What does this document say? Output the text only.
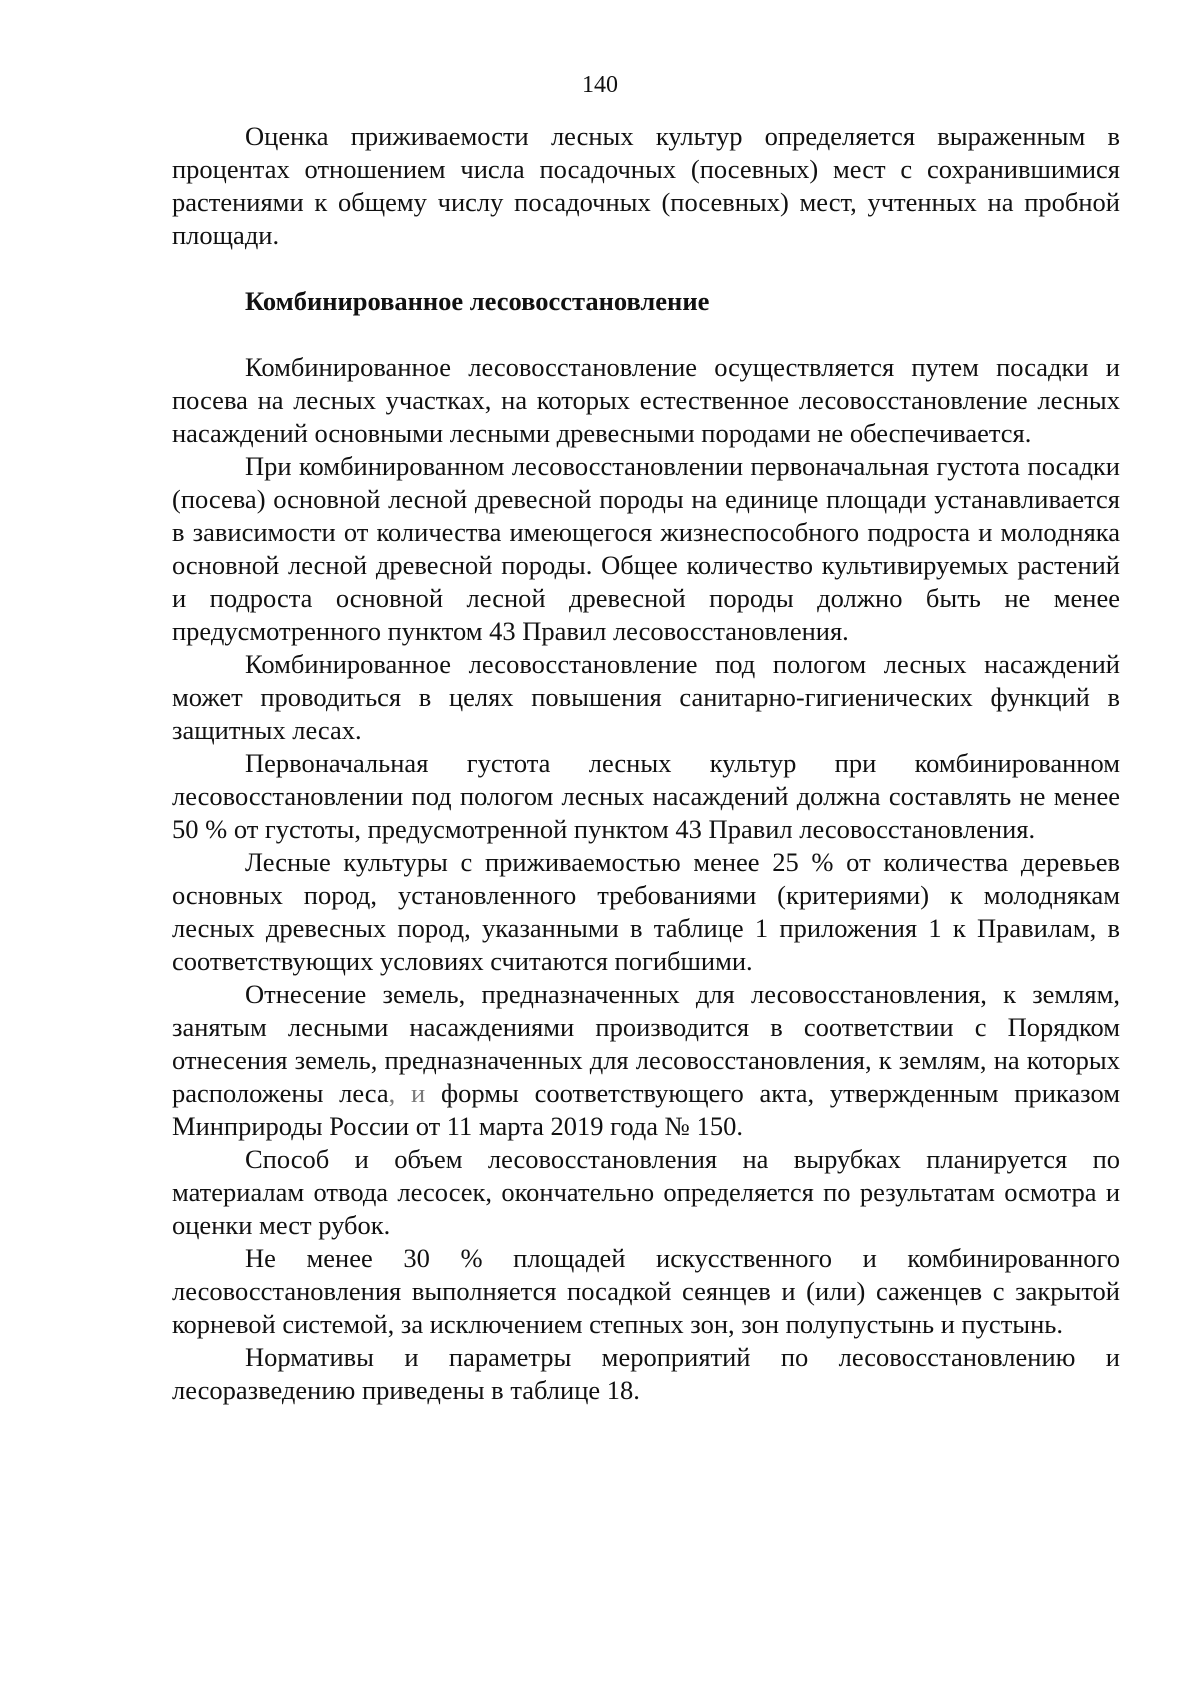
140

Оценка приживаемости лесных культур определяется выраженным в процентах отношением числа посадочных (посевных) мест с сохранившимися растениями к общему числу посадочных (посевных) мест, учтенных на пробной площади.

Комбинированное лесовосстановление

Комбинированное лесовосстановление осуществляется путем посадки и посева на лесных участках, на которых естественное лесовосстановление лесных насаждений основными лесными древесными породами не обеспечивается.

При комбинированном лесовосстановлении первоначальная густота посадки (посева) основной лесной древесной породы на единице площади устанавливается в зависимости от количества имеющегося жизнеспособного подроста и молодняка основной лесной древесной породы. Общее количество культивируемых растений и подроста основной лесной древесной породы должно быть не менее предусмотренного пунктом 43 Правил лесовосстановления.

Комбинированное лесовосстановление под пологом лесных насаждений может проводиться в целях повышения санитарно-гигиенических функций в защитных лесах.

Первоначальная густота лесных культур при комбинированном лесовосстановлении под пологом лесных насаждений должна составлять не менее 50 % от густоты, предусмотренной пунктом 43 Правил лесовосстановления.

Лесные культуры с приживаемостью менее 25 % от количества деревьев основных пород, установленного требованиями (критериями) к молоднякам лесных древесных пород, указанными в таблице 1 приложения 1 к Правилам, в соответствующих условиях считаются погибшими.

Отнесение земель, предназначенных для лесовосстановления, к землям, занятым лесными насаждениями производится в соответствии с Порядком отнесения земель, предназначенных для лесовосстановления, к землям, на которых расположены леса, и формы соответствующего акта, утвержденным приказом Минприроды России от 11 марта 2019 года № 150.

Способ и объем лесовосстановления на вырубках планируется по материалам отвода лесосек, окончательно определяется по результатам осмотра и оценки мест рубок.

Не менее 30 % площадей искусственного и комбинированного лесовосстановления выполняется посадкой сеянцев и (или) саженцев с закрытой корневой системой, за исключением степных зон, зон полупустынь и пустынь.

Нормативы и параметры мероприятий по лесовосстановлению и лесоразведению приведены в таблице 18.
